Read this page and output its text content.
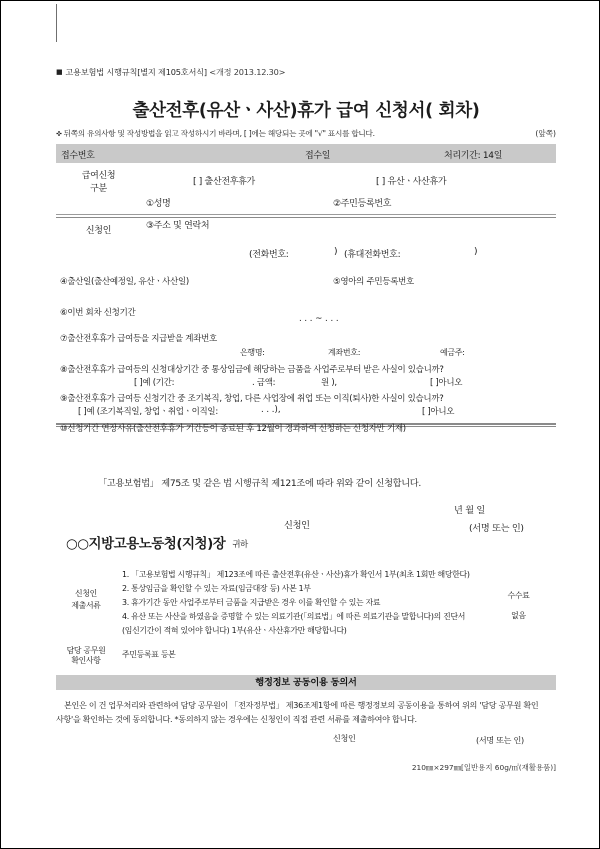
■ 고용보험법 시행규칙[별지 제105호서식] <개정 2013.12.30>
출산전후(유산ㆍ사산)휴가 급여 신청서( 회차)
✜ 뒤쪽의 유의사항 및 작성방법을 읽고 작성하시기 바라며, [ ]에는 해당되는 곳에 "√" 표시를 합니다.	(앞쪽)
접수번호	접수일	처리기간: 14일
급여신청
구분
[ ] 출산전후휴가	[ ] 유산ㆍ사산휴가
신청인
①성명	②주민등록번호
③주소 및 연락처
(전화번호:	) (휴대전화번호:	)
④출산일(출산예정일, 유산ㆍ사산일)	⑤영아의 주민등록번호
⑥이번 회차 신청기간
. . . ~ . . .
⑦출산전후휴가 급여등을 지급받을 계좌번호
은행명:	계좌번호:	예금주:
⑧출산전후휴가 급여등의 신청대상기간 중 통상임금에 해당하는 금품을 사업주로부터 받은 사실이 있습니까?
[ ]예 (기간:	. 금액:	원 ),	[ ]아니오
⑨출산전후휴가 급여등 신청기간 중 조기복직, 창업, 다른 사업장에 취업 또는 이직(퇴사)한 사실이 있습니까?
[ ]예 (조기복직일, 창업ㆍ취업ㆍ이직일:	. . .),	[ ]아니오
⑩신청기간 연장사유(출산전후휴가 기간등이 종료된 후 12월이 경과하여 신청하는 신청자만 기재)
「고용보험법」 제75조 및 같은 법 시행규칙 제121조에 따라 위와 같이 신청합니다.
년 월 일
신청인	(서명 또는 인)
○○지방고용노동청(지청)장 귀하
신청인
제출서류
1. 「고용보험법 시행규칙」 제123조에 따른 출산전후(유산ㆍ사산)휴가 확인서 1부(최초 1회만 해당한다)
2. 통상임금을 확인할 수 있는 자료(임금대장 등) 사본 1부
3. 휴가기간 동안 사업주로부터 금품을 지급받은 경우 이를 확인할 수 있는 자료
4. 유산 또는 사산을 하였음을 증명할 수 있는 의료기관(「의료법」에 따른 의료기관을 말합니다)의 진단서
(임신기간이 적혀 있어야 합니다) 1부(유산ㆍ사산휴가만 해당합니다)
담당 공무원
확인사항
주민등록표 등본
수수료
없음
행정정보 공동이용 동의서
본인은 이 건 업무처리와 관련하여 담당 공무원이 「전자정부법」 제36조제1항에 따른 행정정보의 공동이용을 통하여 위의 '담당 공무원 확인
사항'을 확인하는 것에 동의합니다. *동의하지 않는 경우에는 신청인이 직접 관련 서류를 제출하여야 합니다.
신청인	(서명 또는 인)
210㎜×297㎜[일반용지 60g/㎡(재활용품)]
